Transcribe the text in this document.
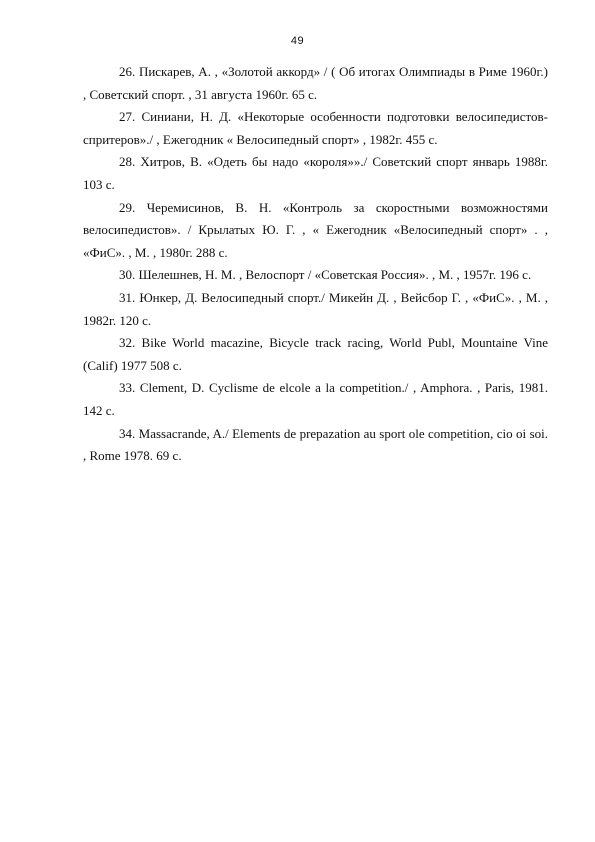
49

26. Пискарев, А. , «Золотой аккорд» / ( Об итогах Олимпиады в Риме 1960г.) , Советский спорт. , 31 августа 1960г. 65 с.

27. Синиани, Н. Д. «Некоторые особенности подготовки велосипедистов-спритеров»./ , Ежегодник « Велосипедный спорт» , 1982г. 455 с.

28. Хитров, В. «Одеть бы надо «короля»»./ Советский спорт январь 1988г. 103 с.

29. Черемисинов, В. Н. «Контроль за скоростными возможностями велосипедистов». / Крылатых Ю. Г. , « Ежегодник «Велосипедный спорт» . , «ФиС». , М. , 1980г. 288 с.

30. Шелешнев, Н. М. , Велоспорт / «Советская Россия». , М. , 1957г. 196 с.

31. Юнкер, Д. Велосипедный спорт./ Микейн Д. , Вейсбор Г. , «ФиС». , М. , 1982г. 120 с.

32. Bike World macazine, Bicycle track racing, World Publ, Mountaine Vine (Calif) 1977 508 с.

33. Clement, D. Cyclisme de elcole a la competition./ , Amphora. , Paris, 1981. 142 с.

34. Massacrande, A./ Elements de prepazation au sport ole competition, cio oi soi. , Rome 1978. 69 с.
